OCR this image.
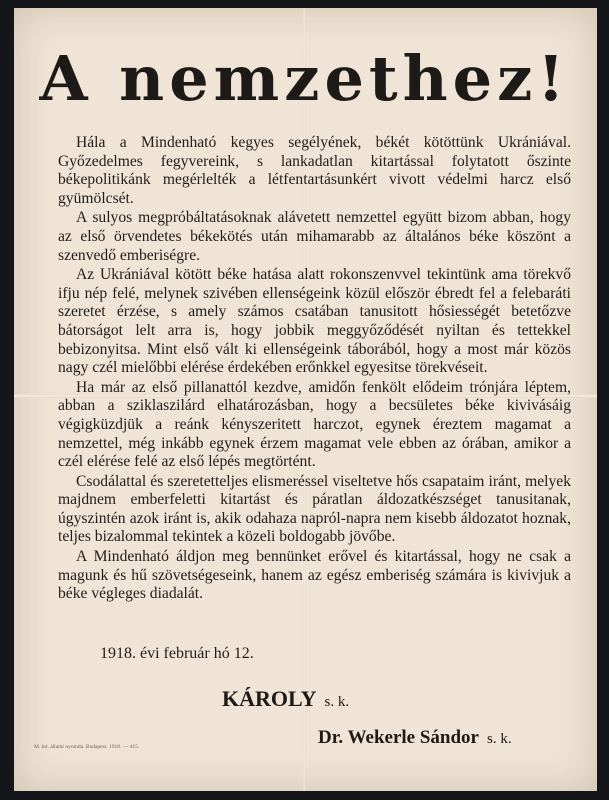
A nemzethez!

Hála a Mindenható kegyes segélyének, békét kötöttünk Ukrániával. Győzedelmes fegyvereink, s lankadatlan kitartással folytatott őszinte békepolitikánk megérlelték a létfentartásunkért vivott védelmi harcz első gyümölcsét.

A sulyos megpróbáltatásoknak alávetett nemzettel együtt bizom abban, hogy az első örvendetes békekötés után mihamarabb az általános béke köszönt a szenvedő emberiségre.

Az Ukrániával kötött béke hatása alatt rokonszenvvel tekintünk ama törekvő ifju nép felé, melynek szivében ellenségeink közül először ébredt fel a felebaráti szeretet érzése, s amely számos csatában tanusitott hősiességét betetőzve bátorságot lelt arra is, hogy jobbik meggyőződését nyiltan és tettekkel bebizonyitsa. Mint első vált ki ellenségeink táborából, hogy a most már közös nagy czél mielőbbi elérése érdekében erőnkkel egyesitse törekvéseit.

Ha már az első pillanattól kezdve, amidőn fenkölt elődeim trónjára léptem, abban a sziklaszilárd elhatározásban, hogy a becsületes béke kivivásáig végigküzdjük a reánk kényszeritett harczot, egynek éreztem magamat a nemzettel, még inkább egynek érzem magamat vele ebben az órában, amikor a czél elérése felé az első lépés megtörtént.

Csodálattal és szeretetteljes elismeréssel viseltetve hős csapataim iránt, melyek majdnem emberfeletti kitartást és páratlan áldozatkészséget tanusitanak, úgyszintén azok iránt is, akik odahaza napról-napra nem kisebb áldozatot hoznak, teljes bizalommal tekintek a közeli boldogabb jövőbe.

A Mindenható áldjon meg bennünket erővel és kitartással, hogy ne csak a magunk és hű szövetségeseink, hanem az egész emberiség számára is kivivjuk a béke végleges diadalát.

1918. évi február hó 12.
KÁROLY s. k.
Dr. Wekerle Sándor s. k.
M. kir. állami nyomda. Budapest. 1918. — 415.
